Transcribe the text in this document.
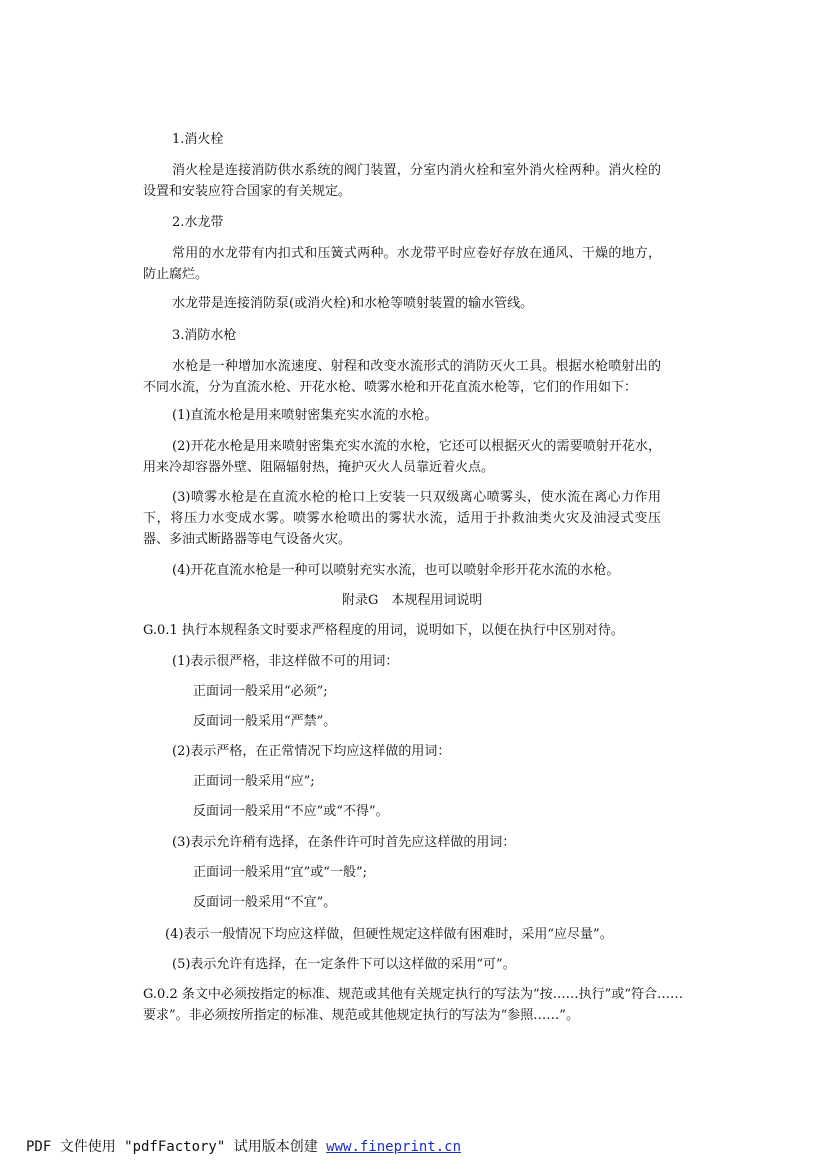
1.消火栓
消火栓是连接消防供水系统的阀门装置，分室内消火栓和室外消火栓两种。消火栓的设置和安装应符合国家的有关规定。
2.水龙带
常用的水龙带有内扣式和压簧式两种。水龙带平时应卷好存放在通风、干燥的地方，防止腐烂。
水龙带是连接消防泵(或消火栓)和水枪等喷射装置的输水管线。
3.消防水枪
水枪是一种增加水流速度、射程和改变水流形式的消防灭火工具。根据水枪喷射出的不同水流，分为直流水枪、开花水枪、喷雾水枪和开花直流水枪等，它们的作用如下：
(1)直流水枪是用来喷射密集充实水流的水枪。
(2)开花水枪是用来喷射密集充实水流的水枪，它还可以根据灭火的需要喷射开花水，用来冷却容器外壁、阻隔辐射热，掩护灭火人员靠近着火点。
(3)喷雾水枪是在直流水枪的枪口上安装一只双级离心喷雾头，使水流在离心力作用下，将压力水变成水雾。喷雾水枪喷出的雾状水流，适用于扑救油类火灾及油浸式变压器、多油式断路器等电气设备火灾。
(4)开花直流水枪是一种可以喷射充实水流，也可以喷射伞形开花水流的水枪。
附录G　本规程用词说明
G.0.1 执行本规程条文时要求严格程度的用词，说明如下，以便在执行中区别对待。
(1)表示很严格，非这样做不可的用词：
正面词一般采用“必须”;
反面词一般采用“严禁”。
(2)表示严格，在正常情况下均应这样做的用词：
正面词一般采用“应”;
反面词一般采用“不应”或“不得”。
(3)表示允许稍有选择，在条件许可时首先应这样做的用词：
正面词一般采用“宜”或“一般”;
反面词一般采用“不宜”。
(4)表示一般情况下均应这样做，但硬性规定这样做有困难时，采用“应尽量”。
(5)表示允许有选择，在一定条件下可以这样做的采用“可”。
G.0.2 条文中必须按指定的标准、规范或其他有关规定执行的写法为“按……执行”或“符合……要求”。非必须按所指定的标准、规范或其他规定执行的写法为“参照……”。
PDF 文件使用 "pdfFactory" 试用版本创建 www.fineprint.cn
